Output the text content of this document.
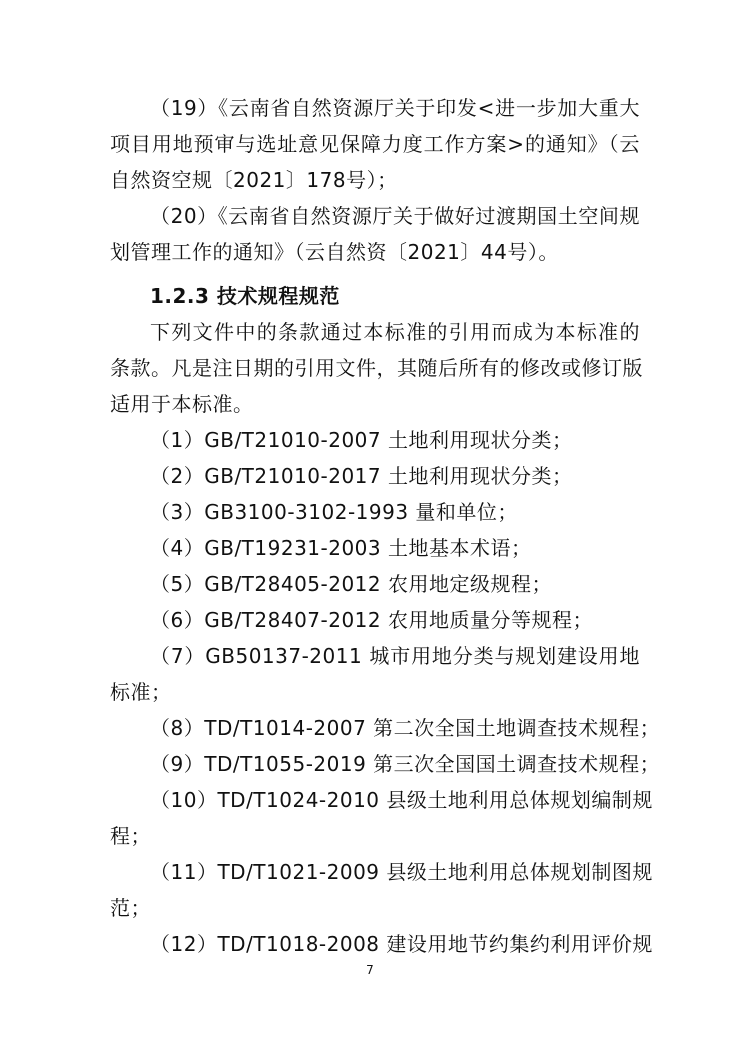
（19）《云南省自然资源厅关于印发<进一步加大重大
项目用地预审与选址意见保障力度工作方案>的通知》（云
自然资空规〔2021〕178号）；
（20）《云南省自然资源厅关于做好过渡期国土空间规
划管理工作的通知》（云自然资〔2021〕44号）。
1.2.3 技术规程规范
下列文件中的条款通过本标准的引用而成为本标准的
条款。凡是注日期的引用文件，其随后所有的修改或修订版
适用于本标准。
（1）GB/T21010-2007 土地利用现状分类；
（2）GB/T21010-2017 土地利用现状分类；
（3）GB3100-3102-1993 量和单位；
（4）GB/T19231-2003 土地基本术语；
（5）GB/T28405-2012 农用地定级规程；
（6）GB/T28407-2012 农用地质量分等规程；
（7）GB50137-2011 城市用地分类与规划建设用地
标准；
（8）TD/T1014-2007 第二次全国土地调查技术规程；
（9）TD/T1055-2019 第三次全国国土调查技术规程；
（10）TD/T1024-2010 县级土地利用总体规划编制规
程；
（11）TD/T1021-2009 县级土地利用总体规划制图规
范；
（12）TD/T1018-2008 建设用地节约集约利用评价规
7
